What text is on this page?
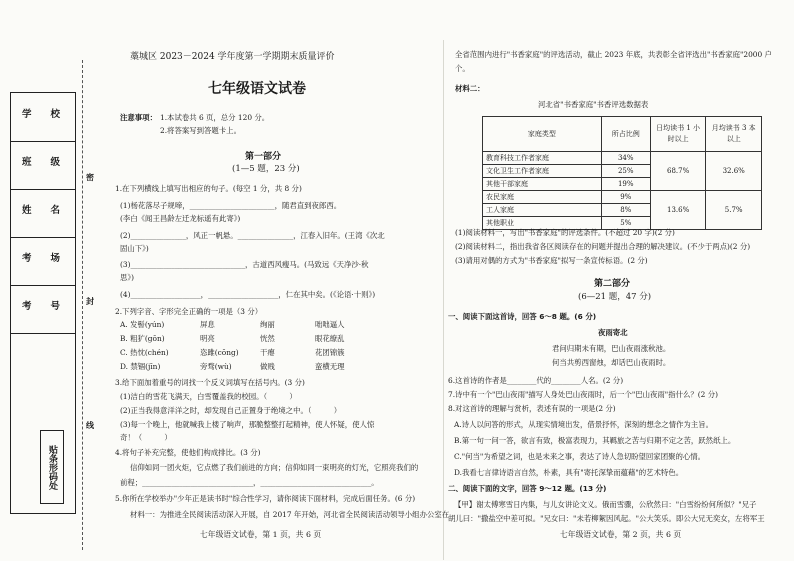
学　　校
班　　级
姓　　名
考　　场
考　　号
贴条形码处
密
封
线
藁城区 2023－2024 学年度第一学期期末质量评价
七年级语文试卷
注意事项： 1.本试卷共 6 页，总分 120 分。
2.将答案写到答题卡上。
第一部分
(1—5 题，23 分)
1.在下列横线上填写出相应的句子。(每空 1 分，共 8 分)
(1)杨花落尽子规啼，_______________________，随君直到夜郎西。
(李白《闻王昌龄左迁龙标遥有此寄》)
(2)_______________，风正一帆悬。_______________，江春入旧年。(王湾《次北
固山下》)
(3)_______________________________，古道西风瘦马。(马致远《天净沙·秋
思》)
(4)___________________，___________________，仁在其中矣。(《论语·十则》)
2.下列字音、字形完全正确的一项是（3 分）
A. 发髻(yún)	屏息	绚丽	咄咄逼人
B. 粗犷(gōn)	明亮	恍然	眼花缭乱
C. 热忱(chén)	恣雎(cōng)	干瘪	花团锦簇
D. 禁锢(jīn)	旁骛(wù)	做贱	蛮横无理
3.给下面加着重号的词找一个反义词填写在括号内。(3 分)
(1)洁白的雪花飞满天，白雪覆盖我的校园。（　　　）
(2)正当我得意洋洋之时，却发现自己正置身于绝境之中。（　　　）
(3)每一个晚上，他就喊我上楼了响声，那脆整整打起精神，使人怀疑，使人惊
奇！（　　　）
4.将句子补充完整，使他们构成排比。(3 分)
信仰如同一团火炬，它点燃了我们前进的方向；信仰如同一束明亮的灯光，它照亮我们的
前程；______________________________，______________________________。
5.你所在学校举办"少年正是读书时"综合性学习，请你阅读下面材料，完成后面任务。(6 分)
材料一：为推进全民阅读活动深入开展，自 2017 年开始，河北省全民阅读活动领导小组办公室在
七年级语文试卷，第 1 页，共 6 页
全省范围内进行"书香家庭"的评选活动，截止 2023 年底，共表彰全省评选出"书香家庭"2000 户
个。
材料二：
河北省"书香家庭"书香评选数据表
家庭类型	所占比例	日均读书 1 小时以上	月均读书 3 本以上
教育科技工作者家庭	34%	68.7%	32.6%
文化卫生工作者家庭	25%		
其他干部家庭	19%		
农民家庭	9%	13.6%	5.7%
工人家庭	8%		
其他职业	5%		
(1)阅读材料一，写出"书香家庭"的评选条件。(不超过 20 字)(2 分)
(2)阅读材料二，指出我省各区阅读存在的问题并提出合理的解决建议。(不少于两点)(2 分)
(3)请用对偶的方式为"书香家庭"拟写一条宣传标语。(2 分)
第二部分
(6—21 题，47 分)
一、阅读下面这首诗，回答 6～8 题。(6 分)
夜雨寄北
君问归期未有期，巴山夜雨涨秋池。
何当共剪西窗烛，却话巴山夜雨时。
6.这首诗的作者是________代的________人名。(2 分)
7.诗中有一个"巴山夜雨"描写人身处巴山夜雨时，后一个"巴山夜雨"指什么？(2 分)
8.对这首诗的理解与赏析，表述有误的一项是(2 分)
A.诗人以问答的形式，从现实情境出发，借景抒怀，深刻的想念之情作为主旨。
B.第一句一问一答，欲言有致，极富表现力，其羁旅之苦与归期不定之苦，跃然纸上。
C."何当"为希望之词，也是未来之事，表达了诗人急切盼望回家团聚的心情。
D.我看七言律诗语言自然，朴素，具有"寄托深挚而蕴藉"的艺术特色。
二、阅读下面的文字，回答 9～12 题。(13 分)
【甲】谢太傅寒雪日内集，与儿女讲论文义。俄而雪骤，公欣然曰："白雪纷纷何所似？"兄子
胡儿曰："撒盐空中差可拟。"兄女曰："未若柳絮因风起。"公大笑乐。即公大兄无奕女，左将军王
七年级语文试卷，第 2 页，共 6 页
